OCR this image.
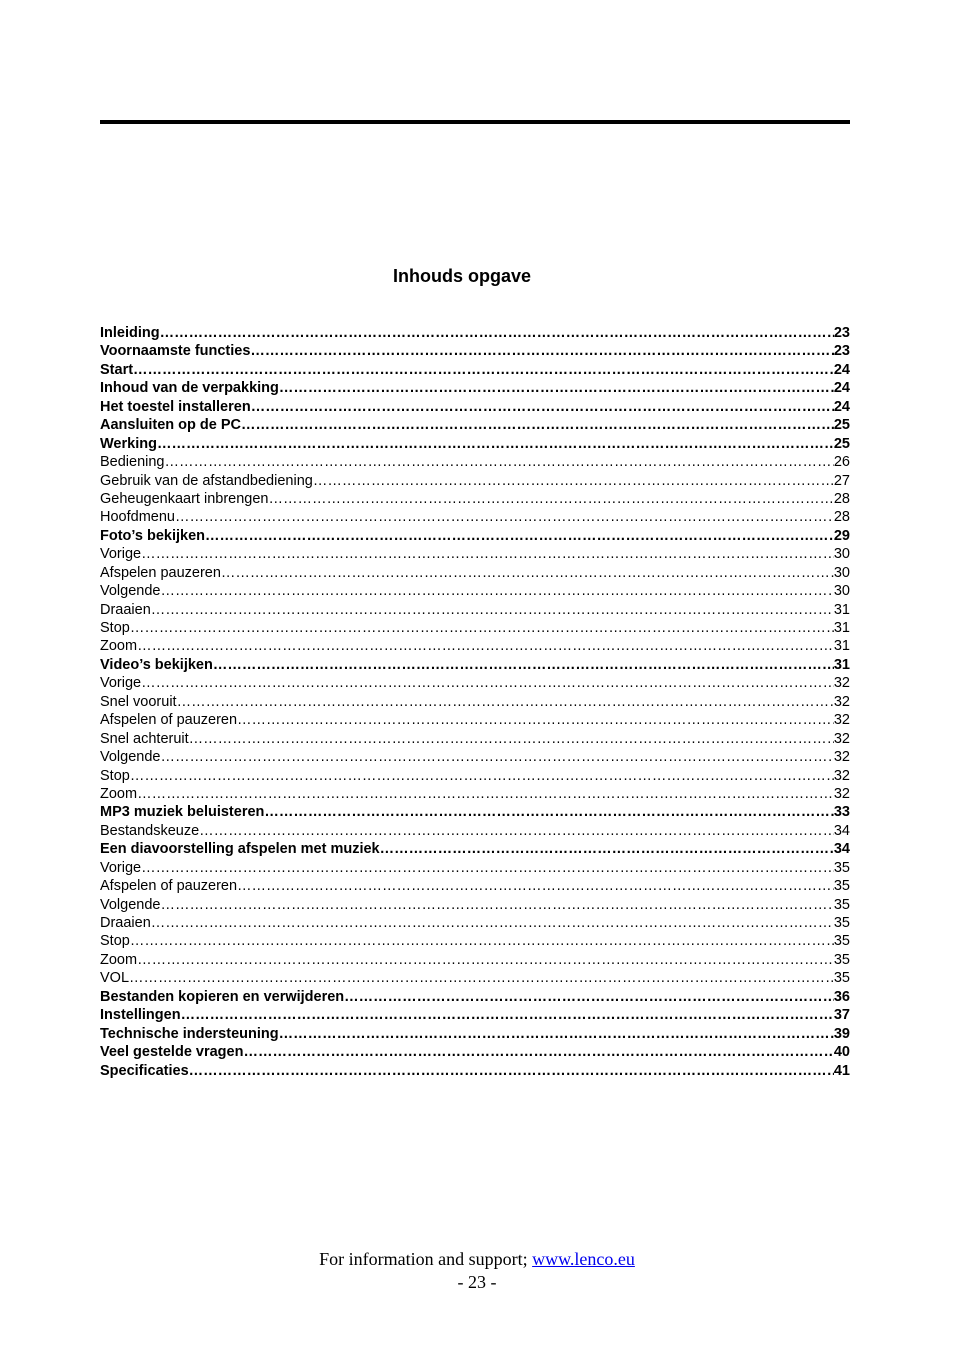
Inhouds opgave
Inleiding ………………………………………………………………………………………………………………………………………………………………………………………………………………………………………………	23
Voornaamste functies ………………………………………………………………………………………………………………………………………………………………………………………………………………………………………………	23
Start ………………………………………………………………………………………………………………………………………………………………………………………………………………………………………………	24
Inhoud van de verpakking ………………………………………………………………………………………………………………………………………………………………………………………………………………………………………………	24
Het toestel installeren ………………………………………………………………………………………………………………………………………………………………………………………………………………………………………………	24
Aansluiten op de PC ………………………………………………………………………………………………………………………………………………………………………………………………………………………………………………	25
Werking ………………………………………………………………………………………………………………………………………………………………………………………………………………………………………………	25
Bediening ………………………………………………………………………………………………………………………………………………………………………………………………………………………………………………	26
Gebruik van de afstandbediening ………………………………………………………………………………………………………………………………………………………………………………………………………………………………………………	27
Geheugenkaart inbrengen ………………………………………………………………………………………………………………………………………………………………………………………………………………………………………………	28
Hoofdmenu ………………………………………………………………………………………………………………………………………………………………………………………………………………………………………………	28
Foto’s bekijken ………………………………………………………………………………………………………………………………………………………………………………………………………………………………………………	29
Vorige ………………………………………………………………………………………………………………………………………………………………………………………………………………………………………………	30
Afspelen pauzeren ………………………………………………………………………………………………………………………………………………………………………………………………………………………………………………	30
Volgende ………………………………………………………………………………………………………………………………………………………………………………………………………………………………………………	30
Draaien ………………………………………………………………………………………………………………………………………………………………………………………………………………………………………………	31
Stop ………………………………………………………………………………………………………………………………………………………………………………………………………………………………………………	31
Zoom ………………………………………………………………………………………………………………………………………………………………………………………………………………………………………………	31
Video’s bekijken ………………………………………………………………………………………………………………………………………………………………………………………………………………………………………………	31
Vorige ………………………………………………………………………………………………………………………………………………………………………………………………………………………………………………	32
Snel vooruit ………………………………………………………………………………………………………………………………………………………………………………………………………………………………………………	32
Afspelen of pauzeren ………………………………………………………………………………………………………………………………………………………………………………………………………………………………………………	32
Snel achteruit ………………………………………………………………………………………………………………………………………………………………………………………………………………………………………………	32
Volgende ………………………………………………………………………………………………………………………………………………………………………………………………………………………………………………	32
Stop ………………………………………………………………………………………………………………………………………………………………………………………………………………………………………………	32
Zoom ………………………………………………………………………………………………………………………………………………………………………………………………………………………………………………	32
MP3 muziek beluisteren ………………………………………………………………………………………………………………………………………………………………………………………………………………………………………………	33
Bestandskeuze ………………………………………………………………………………………………………………………………………………………………………………………………………………………………………………	34
Een diavoorstelling afspelen met muziek ………………………………………………………………………………………………………………………………………………………………………………………………………………………………………………	34
Vorige ………………………………………………………………………………………………………………………………………………………………………………………………………………………………………………	35
Afspelen of pauzeren ………………………………………………………………………………………………………………………………………………………………………………………………………………………………………………	35
Volgende ………………………………………………………………………………………………………………………………………………………………………………………………………………………………………………	35
Draaien ………………………………………………………………………………………………………………………………………………………………………………………………………………………………………………	35
Stop ………………………………………………………………………………………………………………………………………………………………………………………………………………………………………………	35
Zoom ………………………………………………………………………………………………………………………………………………………………………………………………………………………………………………	35
VOL ………………………………………………………………………………………………………………………………………………………………………………………………………………………………………………	35
Bestanden kopieren en verwijderen ………………………………………………………………………………………………………………………………………………………………………………………………………………………………………………	36
Instellingen ………………………………………………………………………………………………………………………………………………………………………………………………………………………………………………	37
Technische indersteuning ………………………………………………………………………………………………………………………………………………………………………………………………………………………………………………	39
Veel gestelde vragen ………………………………………………………………………………………………………………………………………………………………………………………………………………………………………………	40
Specificaties ………………………………………………………………………………………………………………………………………………………………………………………………………………………………………………	41
For information and support; www.lenco.eu
- 23 -
